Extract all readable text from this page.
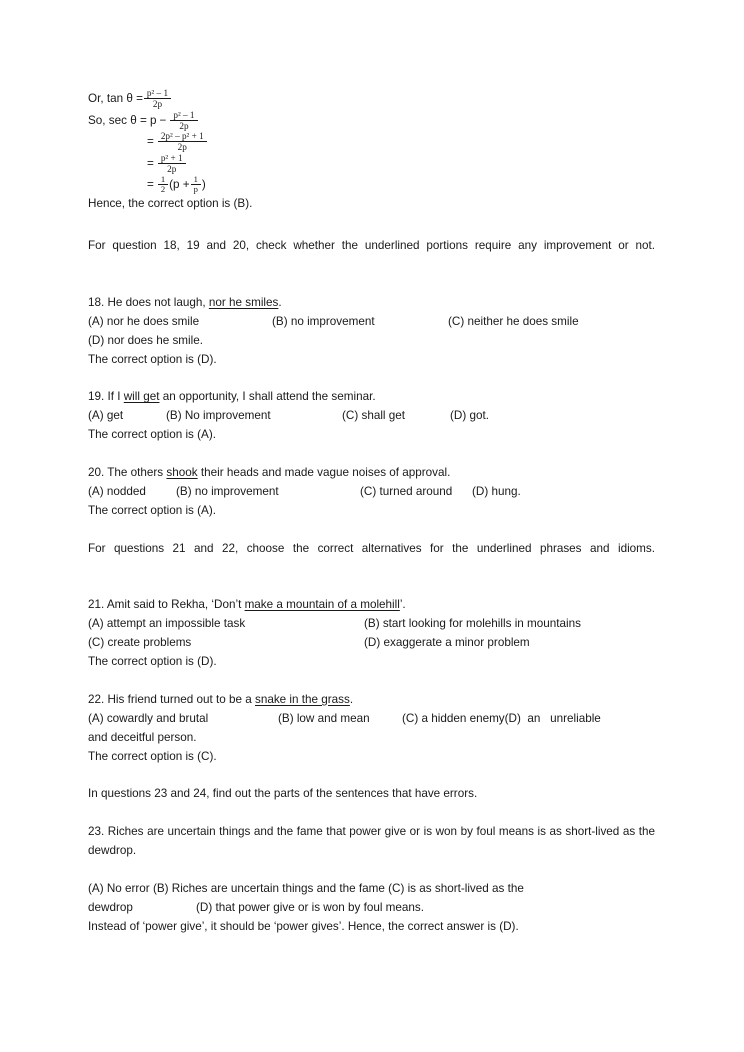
Or, $\tan \theta = \frac{\text{p² – 1}}{2p}$
So, $\sec \theta = p - \frac{\text{p² – 1}}{2p}$
= $\frac{\text{2p² – p² + 1}}{2p}$
= $\frac{\text{p² + 1}}{2p}$
= $\frac{1}{2} (p + \frac{1}{p}$ )

Hence, the correct option is (B).

For question 18, 19 and 20, check whether the underlined portions require any improvement or not.

18. He does not laugh, nor he smiles.

(A) nor he does smile	(B) no improvement	(C) neither he does smile

(D) nor does he smile.

The correct option is (D).

19. If I will get an opportunity, I shall attend the seminar.

(A) get	(B) No improvement	(C) shall get	(D) got.

The correct option is (A).

20. The others shook their heads and made vague noises of approval.

(A) nodded	(B) no improvement	(C) turned around (D) hung.

The correct option is (A).

For questions 21 and 22, choose the correct alternatives for the underlined phrases and idioms.

21. Amit said to Rekha, ‘Don’t make a mountain of a molehill’.

(A) attempt an impossible task	(B) start looking for molehills in mountains
(C) create problems	(D) exaggerate a minor problem

The correct option is (D).

22. His friend turned out to be a snake in the grass.

(A) cowardly and brutal	(B) low and mean	(C) a hidden enemy(D)  an   unreliable

and deceitful person.

The correct option is (C).

In questions 23 and 24, find out the parts of the sentences that have errors.

23. Riches are uncertain things and the fame that power give or is won by foul means is as short-lived as the dewdrop.

(A) No error (B) Riches are uncertain things and the fame (C) is as short-lived as the

dewdrop	(D) that power give or is won by foul means.

Instead of ‘power give’, it should be ‘power gives’. Hence, the correct answer is (D).
